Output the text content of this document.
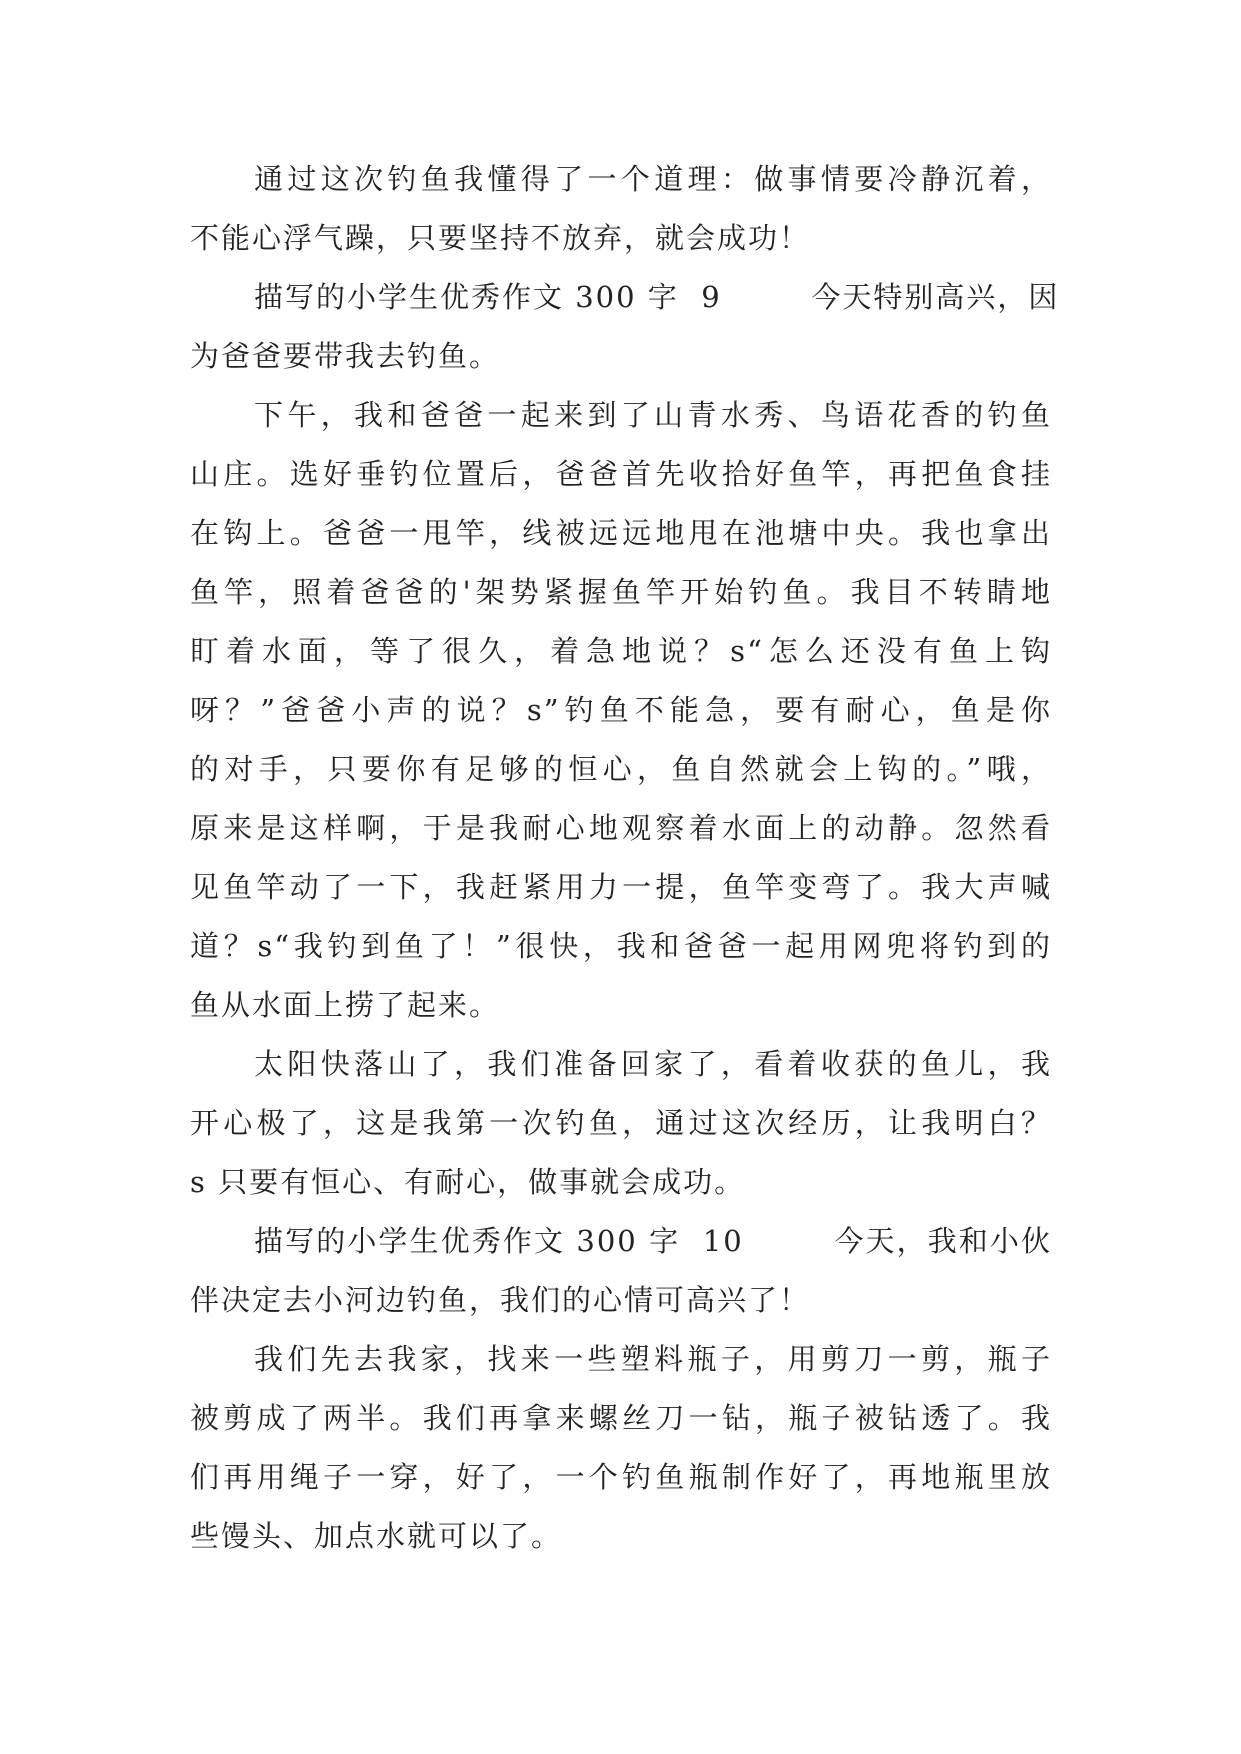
通过这次钓鱼我懂得了一个道理：做事情要冷静沉着，
不能心浮气躁，只要坚持不放弃，就会成功！
描写的小学生优秀作文 300 字  9        今天特别高兴，因
为爸爸要带我去钓鱼。
下午，我和爸爸一起来到了山青水秀、鸟语花香的钓鱼
山庄。选好垂钓位置后，爸爸首先收拾好鱼竿，再把鱼食挂
在钩上。爸爸一甩竿，线被远远地甩在池塘中央。我也拿出
鱼竿，照着爸爸的'架势紧握鱼竿开始钓鱼。我目不转睛地
盯着水面，等了很久，着急地说？s“怎么还没有鱼上钩
呀？”爸爸小声的说？s”钓鱼不能急，要有耐心，鱼是你
的对手，只要你有足够的恒心，鱼自然就会上钩的。”哦，
原来是这样啊，于是我耐心地观察着水面上的动静。忽然看
见鱼竿动了一下，我赶紧用力一提，鱼竿变弯了。我大声喊
道？s“我钓到鱼了！”很快，我和爸爸一起用网兜将钓到的
鱼从水面上捞了起来。
太阳快落山了，我们准备回家了，看着收获的鱼儿，我
开心极了，这是我第一次钓鱼，通过这次经历，让我明白？
s 只要有恒心、有耐心，做事就会成功。
描写的小学生优秀作文 300 字  10        今天，我和小伙
伴决定去小河边钓鱼，我们的心情可高兴了！
我们先去我家，找来一些塑料瓶子，用剪刀一剪，瓶子
被剪成了两半。我们再拿来螺丝刀一钻，瓶子被钻透了。我
们再用绳子一穿，好了，一个钓鱼瓶制作好了，再地瓶里放
些馒头、加点水就可以了。
